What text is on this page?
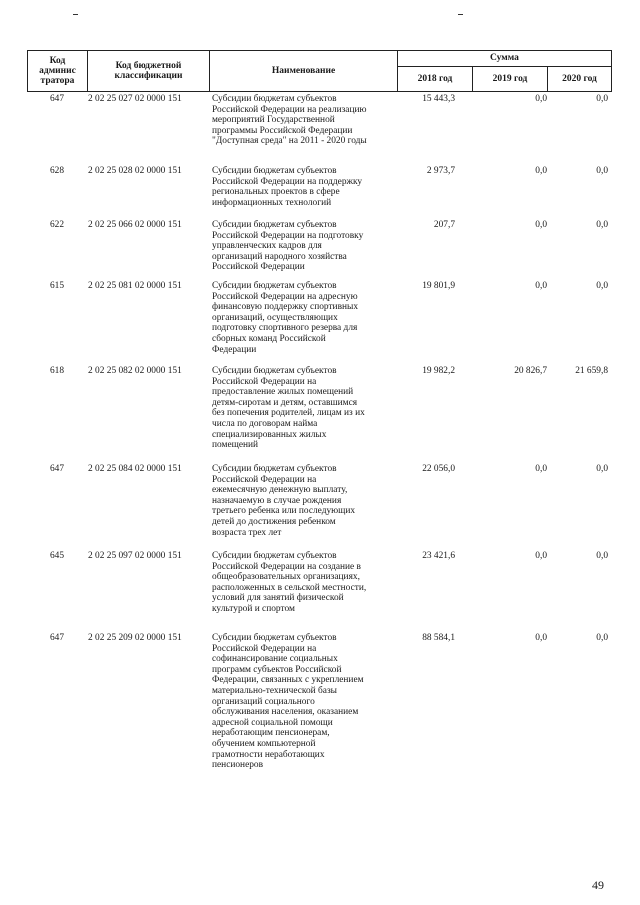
Код
админис
тратора
Код бюджетной
классификации	Наименование
Сумма
2018 год	2019 год	2020 год
647	2 02 25 027 02 0000 151	Субсидии бюджетам субъектов
Российской Федерации на реализацию
мероприятий Государственной
программы Российской Федерации
"Доступная среда" на 2011 - 2020 годы
15 443,3	0,0	0,0
628	2 02 25 028 02 0000 151	Субсидии бюджетам субъектов
Российской Федерации на поддержку
региональных проектов в сфере
информационных технологий
2 973,7	0,0	0,0
622	2 02 25 066 02 0000 151	Субсидии бюджетам субъектов
Российской Федерации на подготовку
управленческих кадров для
организаций народного хозяйства
Российской Федерации
207,7	0,0	0,0
615	2 02 25 081 02 0000 151	Субсидии бюджетам субъектов
Российской Федерации на адресную
финансовую поддержку спортивных
организаций, осуществляющих
подготовку спортивного резерва для
сборных команд Российской
Федерации
19 801,9	0,0	0,0
618	2 02 25 082 02 0000 151	Субсидии бюджетам субъектов
Российской Федерации на
предоставление жилых помещений
детям-сиротам и детям, оставшимся
без попечения родителей, лицам из их
числа по договорам найма
специализированных жилых
помещений
19 982,2	20 826,7	21 659,8
647	2 02 25 084 02 0000 151	Субсидии бюджетам субъектов
Российской Федерации на
ежемесячную денежную выплату,
назначаемую в случае рождения
третьего ребенка или последующих
детей до достижения ребенком
возраста трех лет
22 056,0	0,0	0,0
645	2 02 25 097 02 0000 151	Субсидии бюджетам субъектов
Российской Федерации на создание в
общеобразовательных организациях,
расположенных в сельской местности,
условий для занятий физической
культурой и спортом
23 421,6	0,0	0,0
647	2 02 25 209 02 0000 151	Субсидии бюджетам субъектов
Российской Федерации на
софинансирование социальных
программ субъектов Российской
Федерации, связанных с укреплением
материально-технической базы
организаций социального
обслуживания населения, оказанием
адресной социальной помощи
неработающим пенсионерам,
обучением компьютерной
грамотности неработающих
пенсионеров
88 584,1	0,0	0,0
49
